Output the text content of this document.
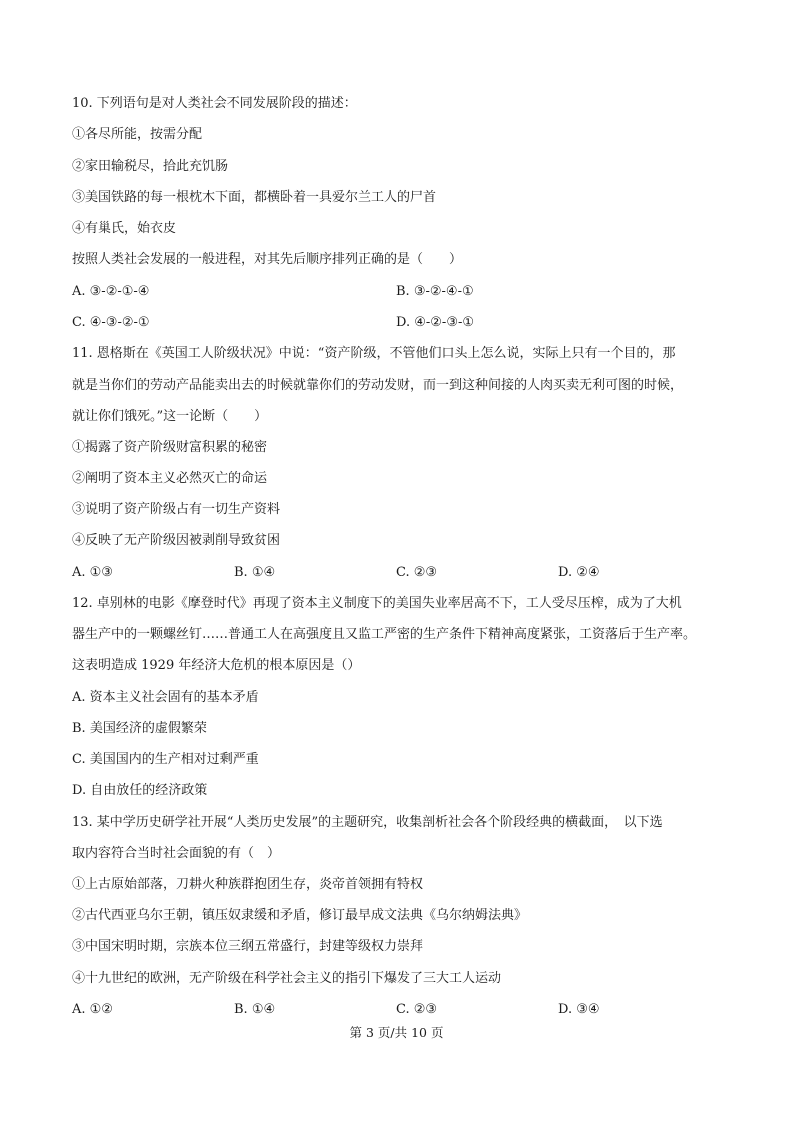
10. 下列语句是对人类社会不同发展阶段的描述：
①各尽所能，按需分配
②家田输税尽，拾此充饥肠
③美国铁路的每一根枕木下面，都横卧着一具爱尔兰工人的尸首
④有巢氏，始衣皮
按照人类社会发展的一般进程，对其先后顺序排列正确的是（　　）
A. ③-②-①-④	B. ③-②-④-①
C. ④-③-②-①	D. ④-②-③-①
11. 恩格斯在《英国工人阶级状况》中说：“资产阶级，不管他们口头上怎么说，实际上只有一个目的，那
就是当你们的劳动产品能卖出去的时候就靠你们的劳动发财，而一到这种间接的人肉买卖无利可图的时候，
就让你们饿死。”这一论断（　　）
①揭露了资产阶级财富积累的秘密
②阐明了资本主义必然灭亡的命运
③说明了资产阶级占有一切生产资料
④反映了无产阶级因被剥削导致贫困
A. ①③	B. ①④	C. ②③	D. ②④
12. 卓别林的电影《摩登时代》再现了资本主义制度下的美国失业率居高不下，工人受尽压榨，成为了大机
器生产中的一颗螺丝钉……普通工人在高强度且又监工严密的生产条件下精神高度紧张，工资落后于生产率。
这表明造成 1929 年经济大危机的根本原因是（）
A. 资本主义社会固有的基本矛盾
B. 美国经济的虚假繁荣
C. 美国国内的生产相对过剩严重
D. 自由放任的经济政策
13. 某中学历史研学社开展“人类历史发展”的主题研究，收集剖析社会各个阶段经典的横截面，　以下选
取内容符合当时社会面貌的有（　）
①上古原始部落，刀耕火种族群抱团生存，炎帝首领拥有特权
②古代西亚乌尔王朝，镇压奴隶缓和矛盾，修订最早成文法典《乌尔纳姆法典》
③中国宋明时期，宗族本位三纲五常盛行，封建等级权力崇拜
④十九世纪的欧洲，无产阶级在科学社会主义的指引下爆发了三大工人运动
A. ①②	B. ①④	C. ②③	D. ③④
第 3 页/共 10 页
